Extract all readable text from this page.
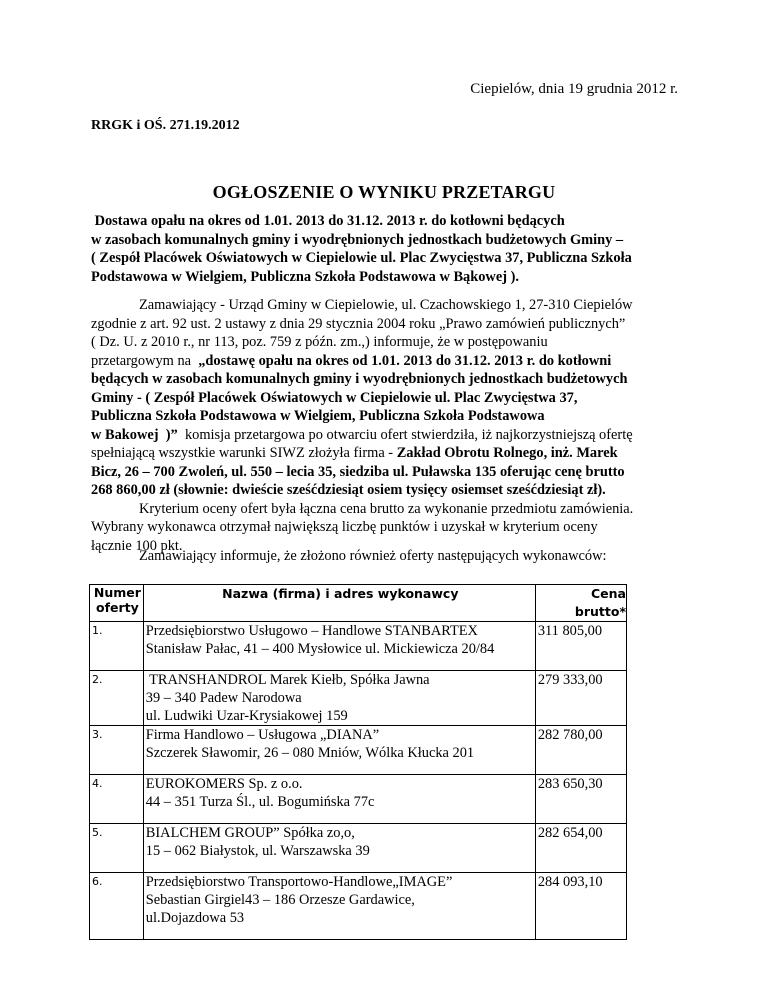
Ciepielów, dnia 19 grudnia 2012 r.
RRGK i OŚ. 271.19.2012
OGŁOSZENIE O WYNIKU PRZETARGU
Dostawa opału na okres od 1.01. 2013 do 31.12. 2013 r. do kotłowni będących
w zasobach komunalnych gminy i wyodrębnionych jednostkach budżetowych Gminy –
( Zespół Placówek Oświatowych w Ciepielowie ul. Plac Zwycięstwa 37, Publiczna Szkoła
Podstawowa w Wielgiem, Publiczna Szkoła Podstawowa w Bąkowej ).
Zamawiający - Urząd Gminy w Ciepielowie, ul. Czachowskiego 1, 27-310 Ciepielów
zgodnie z art. 92 ust. 2 ustawy z dnia 29 stycznia 2004 roku „Prawo zamówień publicznych”
( Dz. U. z 2010 r., nr 113, poz. 759 z późn. zm.,) informuje, że w postępowaniu
przetargowym na  „dostawę opału na okres od 1.01. 2013 do 31.12. 2013 r. do kotłowni
będących w zasobach komunalnych gminy i wyodrębnionych jednostkach budżetowych
Gminy - ( Zespół Placówek Oświatowych w Ciepielowie ul. Plac Zwycięstwa 37,
Publiczna Szkoła Podstawowa w Wielgiem, Publiczna Szkoła Podstawowa
w Bakowej  )”  komisja przetargowa po otwarciu ofert stwierdziła, iż najkorzystniejszą ofertę
spełniającą wszystkie warunki SIWZ złożyła firma - Zakład Obrotu Rolnego, inż. Marek
Bicz, 26 – 700 Zwoleń, ul. 550 – lecia 35, siedziba ul. Puławska 135 oferując cenę brutto
268 860,00 zł (słownie: dwieście sześćdziesiąt osiem tysięcy osiemset sześćdziesiąt zł).
Kryterium oceny ofert była łączna cena brutto za wykonanie przedmiotu zamówienia.
Wybrany wykonawca otrzymał największą liczbę punktów i uzyskał w kryterium oceny
łącznie 100 pkt.
Zamawiający informuje, że złożono również oferty następujących wykonawców:
Numer
oferty	Nazwa (firma) i adres wykonawcy	Cena brutto*
1.	Przedsiębiorstwo Usługowo – Handlowe STANBARTEX
Stanisław Pałac, 41 – 400 Mysłowice ul. Mickiewicza 20/84	311 805,00
2.	TRANSHANDROL Marek Kiełb, Spółka Jawna
39 – 340 Padew Narodowa
ul. Ludwiki Uzar-Krysiakowej 159	279 333,00
3.	Firma Handlowo – Usługowa „DIANA”
Szczerek Sławomir, 26 – 080 Mniów, Wólka Kłucka 201	282 780,00
4.	EUROKOMERS Sp. z o.o.
44 – 351 Turza Śl., ul. Bogumińska 77c	283 650,30
5.	BIALCHEM GROUP” Spółka zo,o,
15 – 062 Białystok, ul. Warszawska 39	282 654,00
6.	Przedsiębiorstwo Transportowo-Handlowe„IMAGE”
Sebastian Girgiel43 – 186 Orzesze Gardawice,
ul.Dojazdowa 53	284 093,10
